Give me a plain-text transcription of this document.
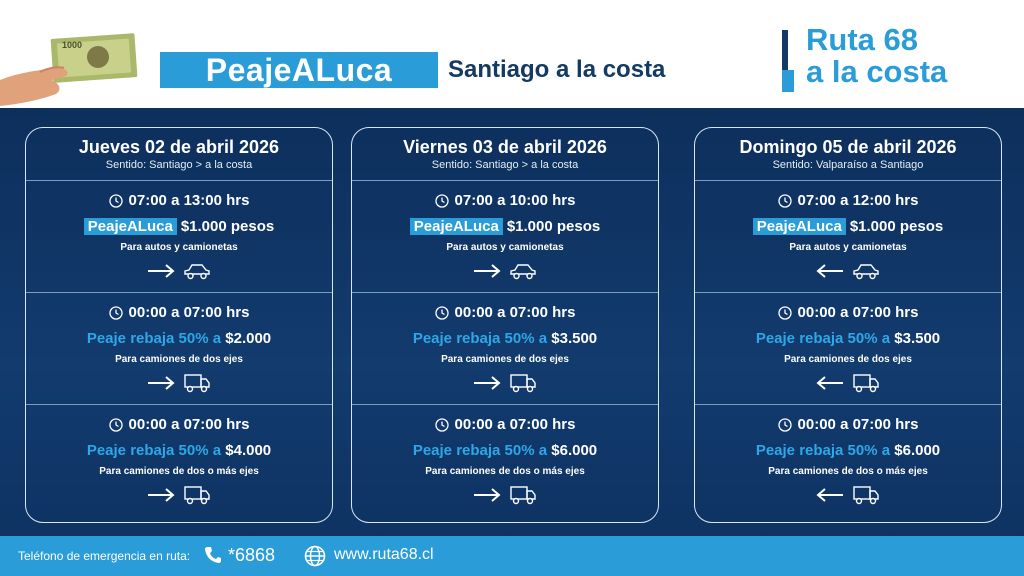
1000
PeajeALuca	Santiago a la costa
Ruta 68
a la costa
Jueves 02 de abril 2026
Sentido: Santiago > a la costa
07:00 a 13:00 hrs
PeajeALuca $1.000 pesos
Para autos y camionetas
00:00 a 07:00 hrs
Peaje rebaja 50% a $2.000
Para camiones de dos ejes
00:00 a 07:00 hrs
Peaje rebaja 50% a $4.000
Para camiones de dos o más ejes
Viernes 03 de abril 2026
Sentido: Santiago > a la costa
07:00 a 10:00 hrs
PeajeALuca $1.000 pesos
Para autos y camionetas
00:00 a 07:00 hrs
Peaje rebaja 50% a $3.500
Para camiones de dos ejes
00:00 a 07:00 hrs
Peaje rebaja 50% a $6.000
Para camiones de dos o más ejes
Domingo 05 de abril 2026
Sentido: Valparaíso a Santiago
07:00 a 12:00 hrs
PeajeALuca $1.000 pesos
Para autos y camionetas
00:00 a 07:00 hrs
Peaje rebaja 50% a $3.500
Para camiones de dos ejes
00:00 a 07:00 hrs
Peaje rebaja 50% a $6.000
Para camiones de dos o más ejes
Teléfono de emergencia en ruta: *6868	www.ruta68.cl
